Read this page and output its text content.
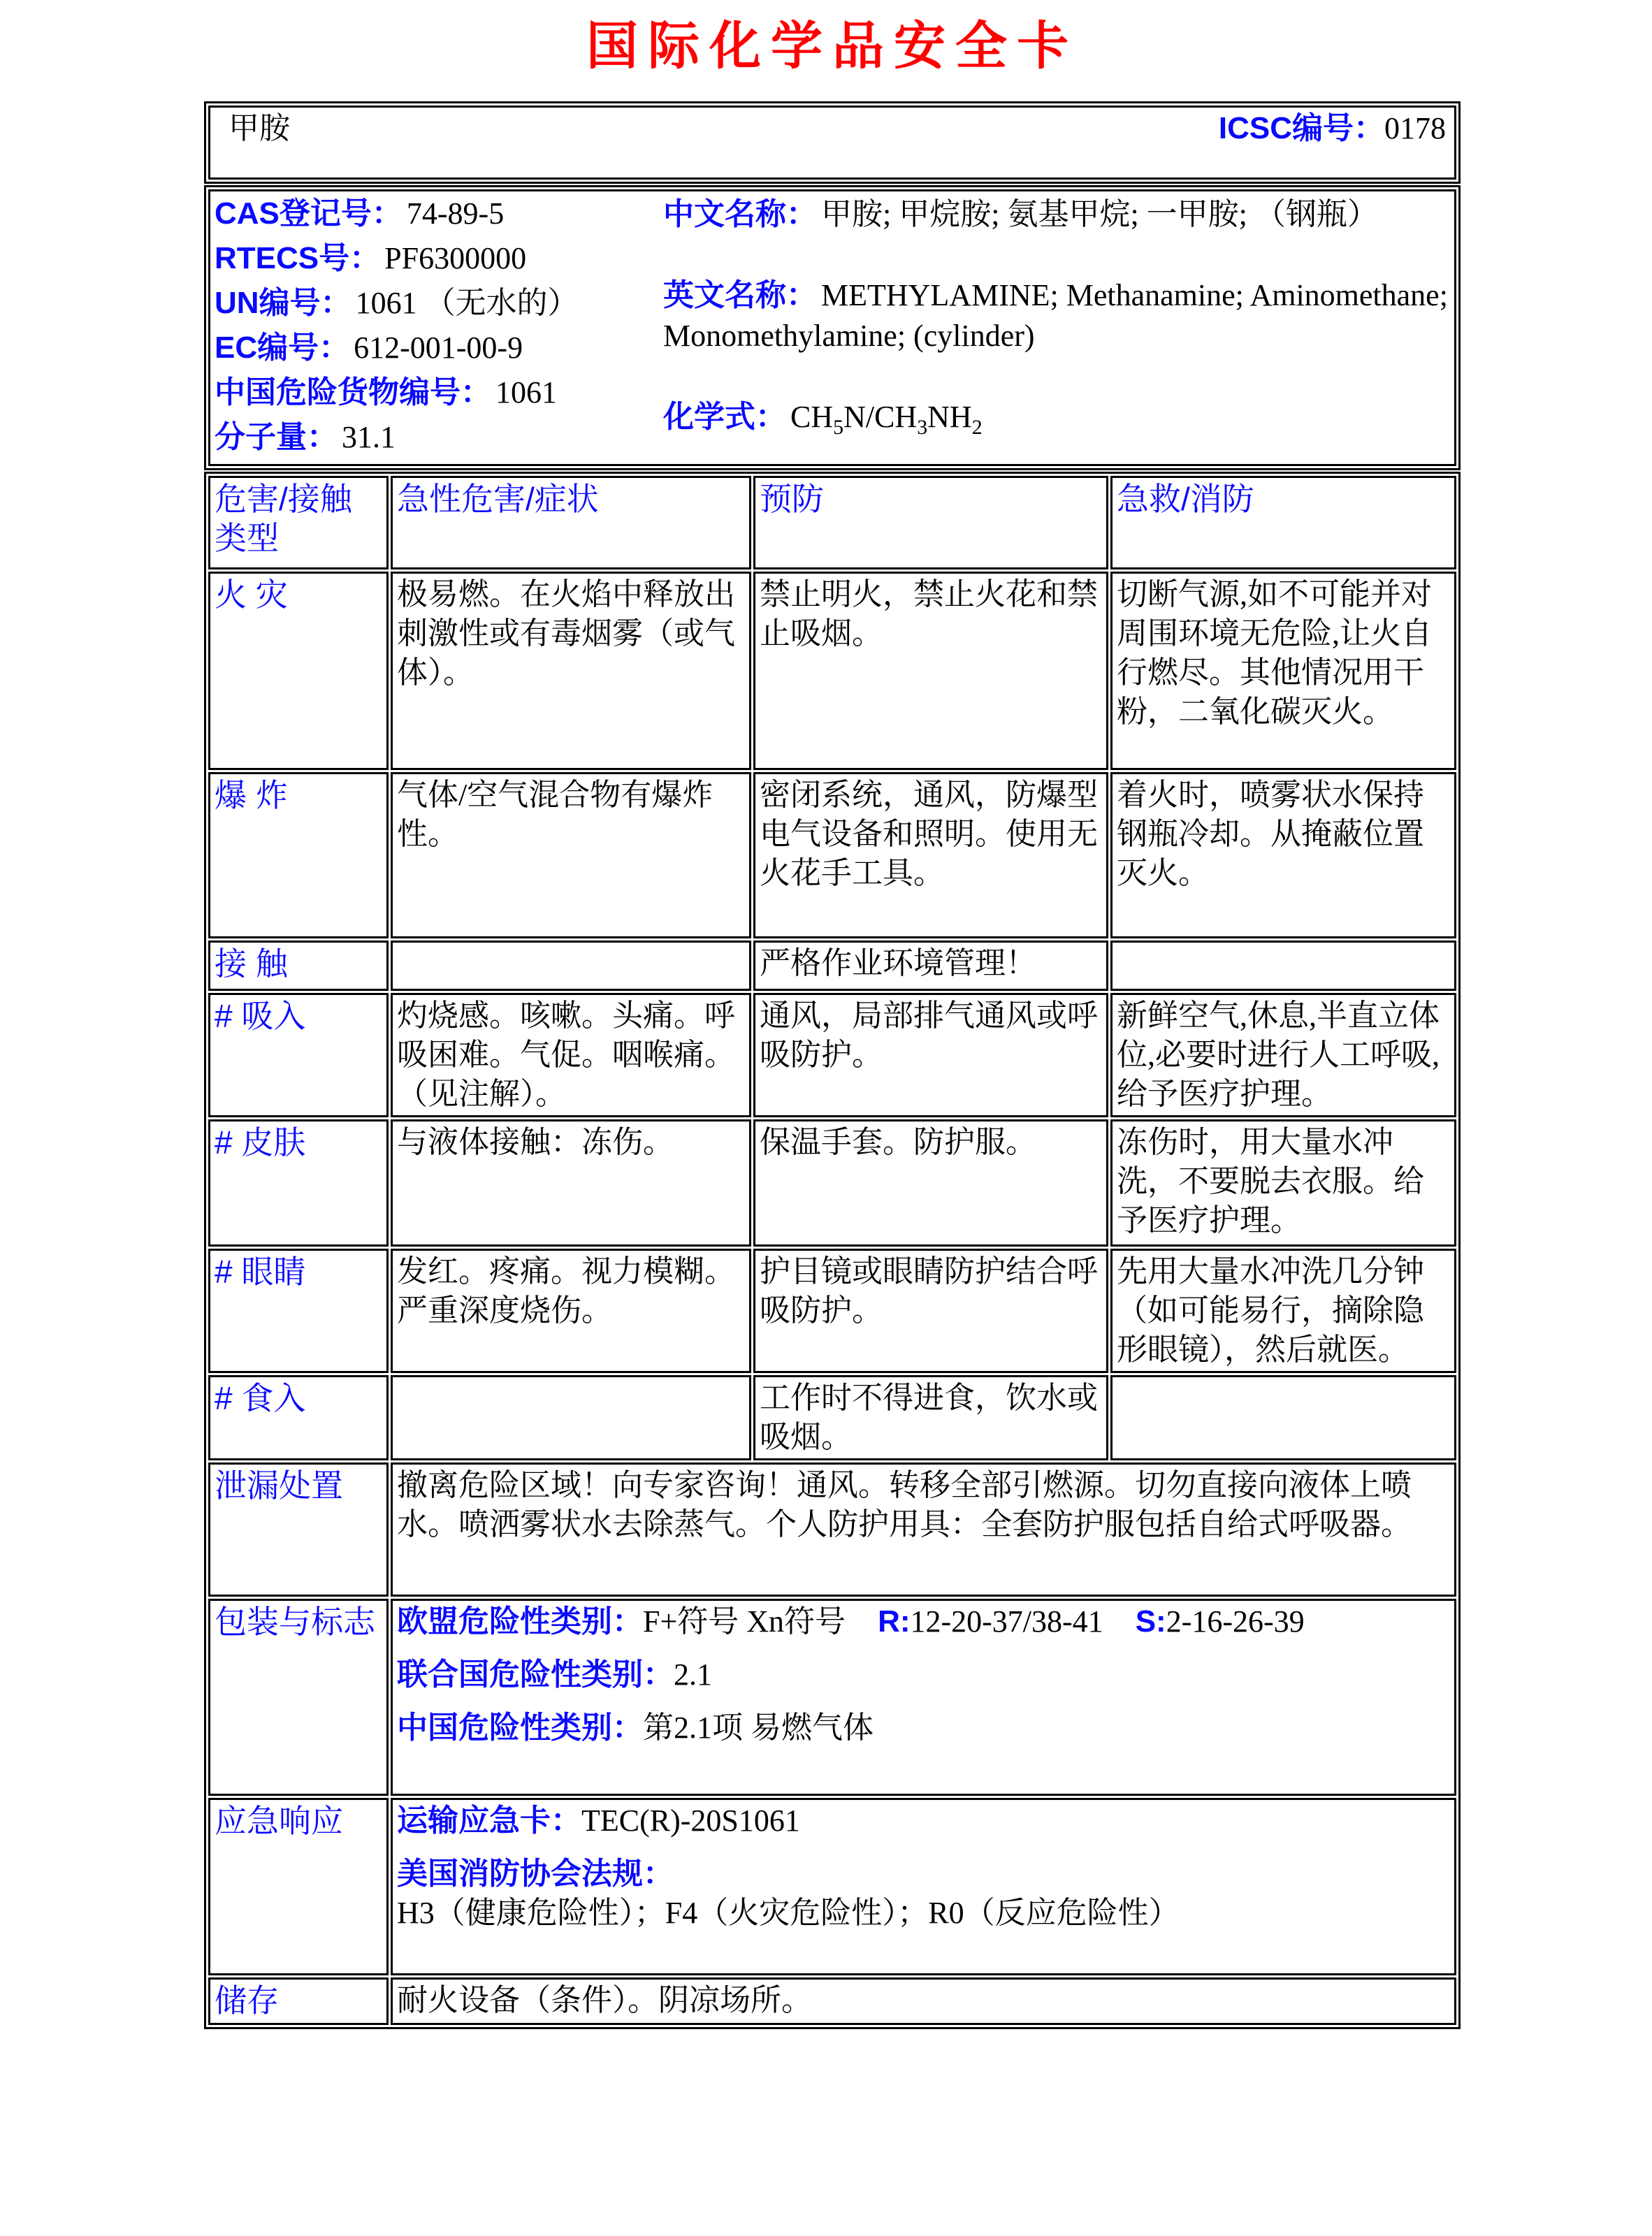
国际化学品安全卡
甲胺	ICSC编号：0178
CAS登记号： 74-89-5
RTECS号： PF6300000
UN编号： 1061 （无水的）
EC编号： 612-001-00-9
中国危险货物编号： 1061
分子量： 31.1

中文名称： 甲胺; 甲烷胺; 氨基甲烷; 一甲胺; （钢瓶）

英文名称： METHYLAMINE; Methanamine; Aminomethane; Monomethylamine; (cylinder)

化学式： $CH_5N/CH_3NH_2$

危害/接触
类型	急性危害/症状	预防	急救/消防
火 灾	极易燃。在火焰中释放出刺激性或有毒烟雾（或气体）。	禁止明火，禁止火花和禁止吸烟。	切断气源,如不可能并对周围环境无危险,让火自行燃尽。其他情况用干粉，二氧化碳灭火。
爆 炸	气体/空气混合物有爆炸性。	密闭系统，通风，防爆型电气设备和照明。使用无火花手工具。	着火时，喷雾状水保持钢瓶冷却。从掩蔽位置灭火。
接 触		严格作业环境管理！	
# 吸入	灼烧感。咳嗽。头痛。呼吸困难。气促。咽喉痛。（见注解）。	通风，局部排气通风或呼吸防护。	新鲜空气,休息,半直立体位,必要时进行人工呼吸,给予医疗护理。
# 皮肤	与液体接触：冻伤。	保温手套。防护服。	冻伤时，用大量水冲洗，不要脱去衣服。给予医疗护理。
# 眼睛	发红。疼痛。视力模糊。严重深度烧伤。	护目镜或眼睛防护结合呼吸防护。	先用大量水冲洗几分钟（如可能易行，摘除隐形眼镜），然后就医。
# 食入		工作时不得进食，饮水或吸烟。	
泄漏处置	撤离危险区域！向专家咨询！通风。转移全部引燃源。切勿直接向液体上喷水。喷洒雾状水去除蒸气。个人防护用具：全套防护服包括自给式呼吸器。		
包装与标志	欧盟危险性类别：F+符号 Xn符号 R:12-20-37/38-41 S:2-16-26-39

联合国危险性类别：2.1

中国危险性类别：第2.1项 易燃气体		

应急响应	运输应急卡：TEC(R)-20S1061

美国消防协会法规：H3（健康危险性）；F4（火灾危险性）；R0（反应危险性）		

储存	耐火设备（条件）。阴凉场所。		
